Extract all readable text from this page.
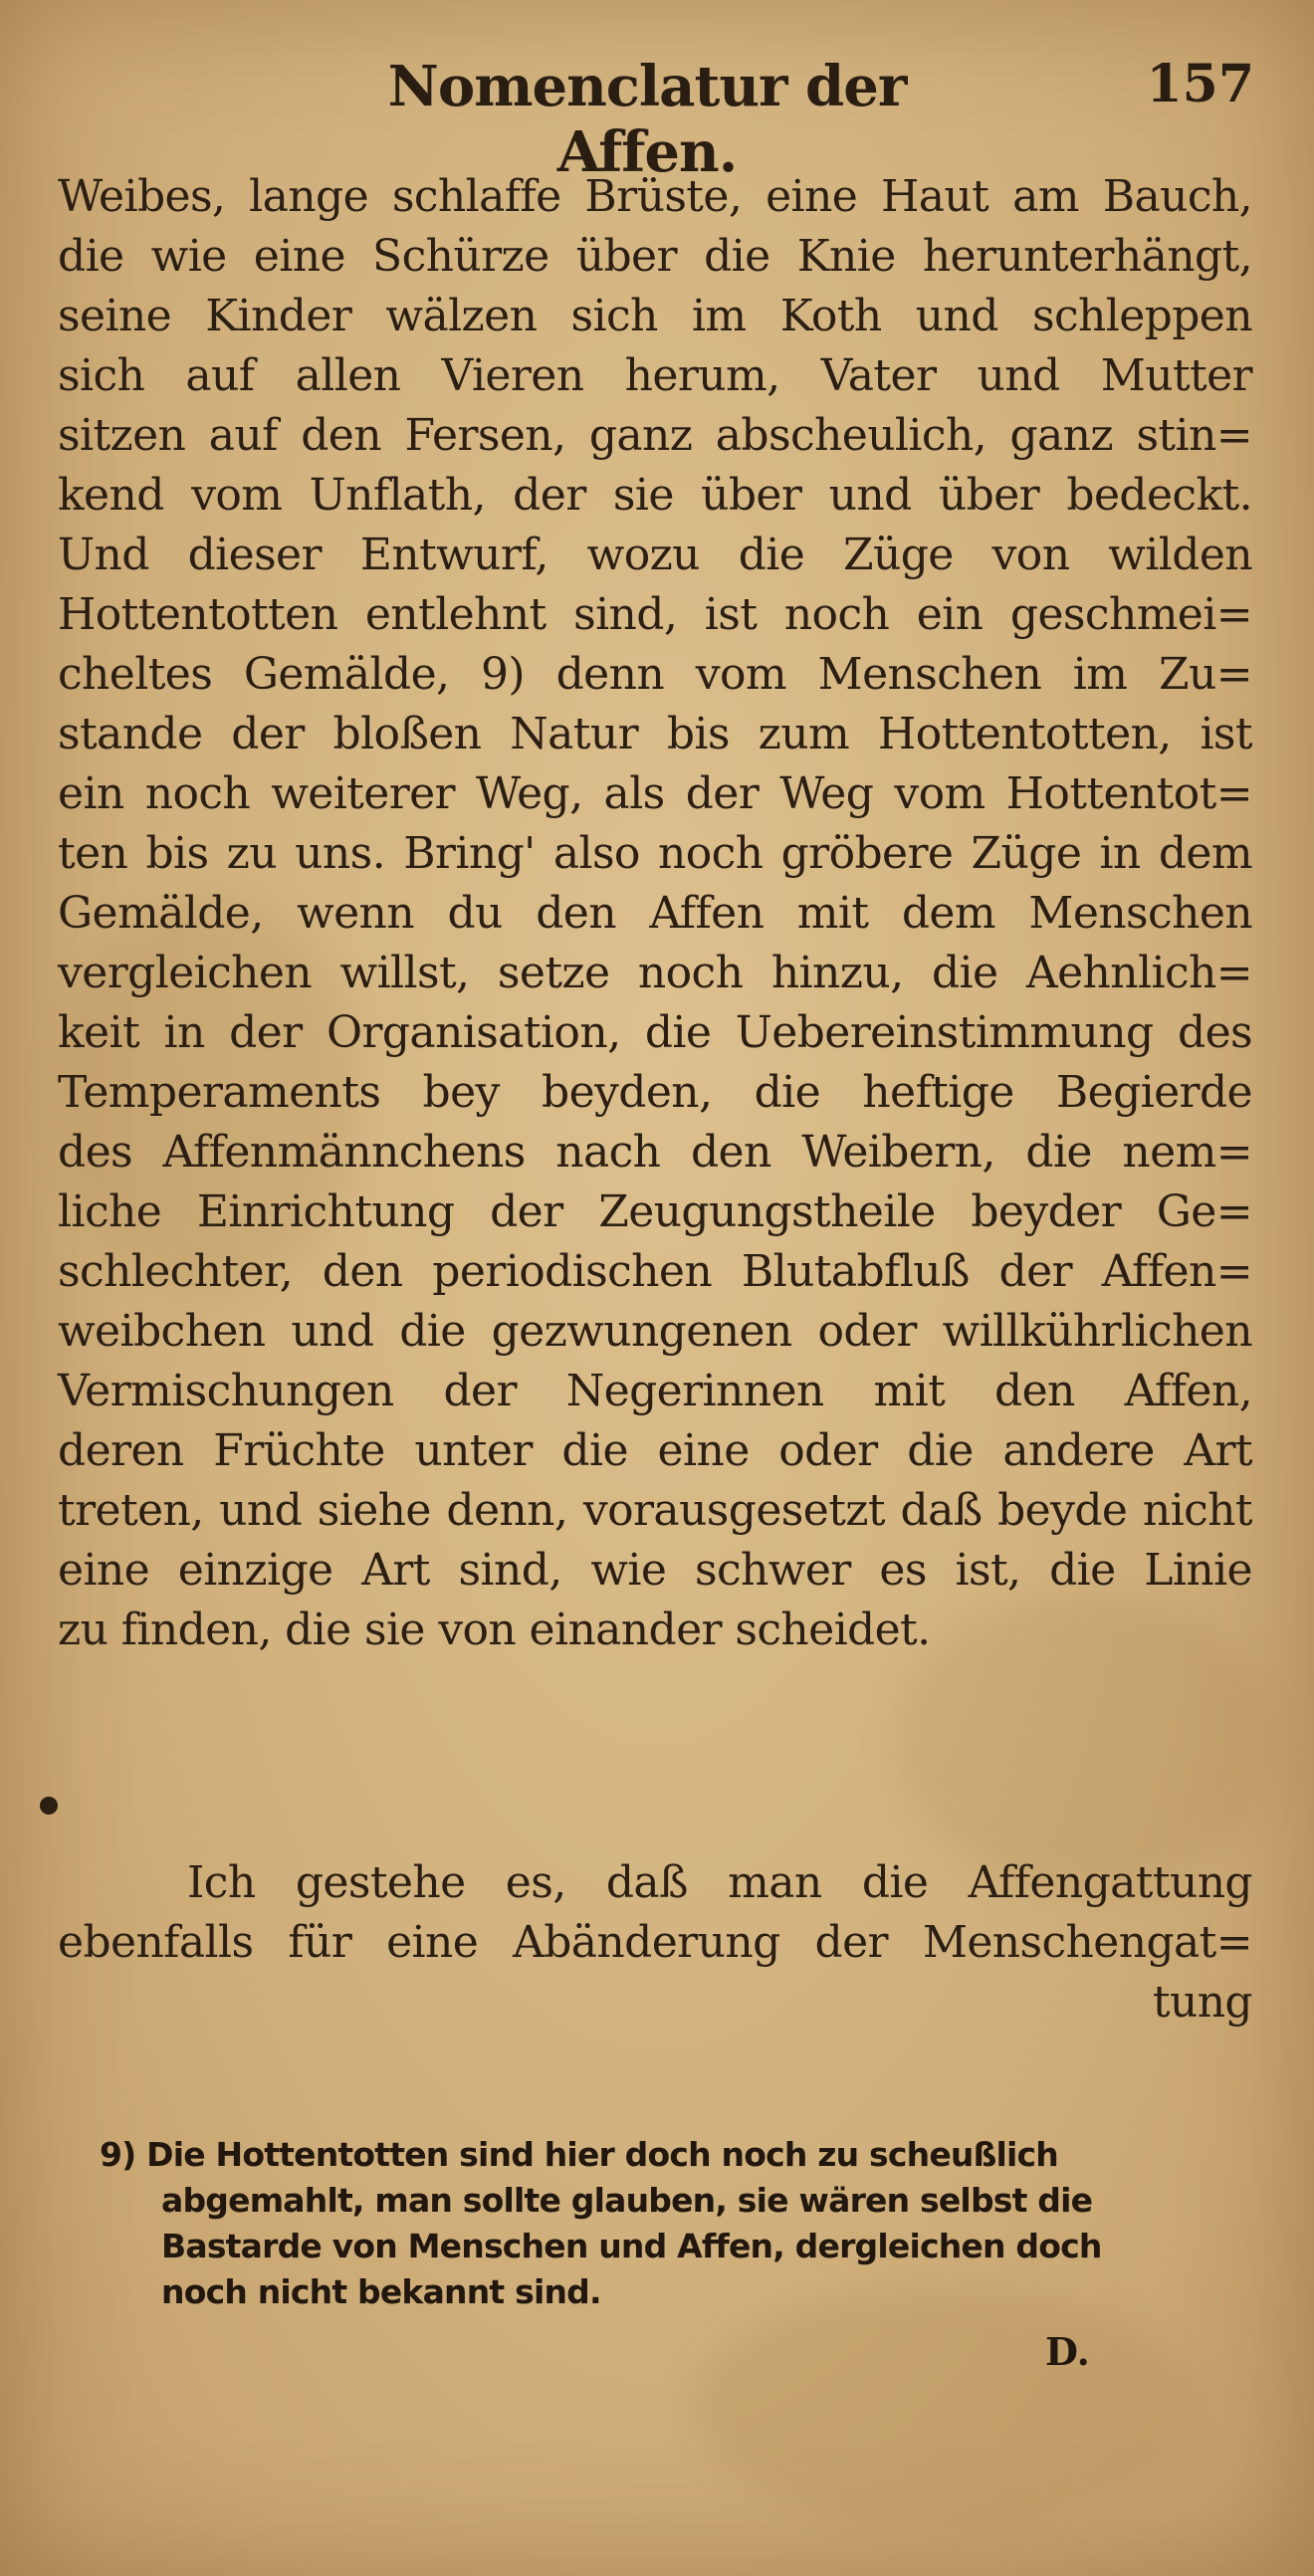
Nomenclatur der Affen.
157
Weibes, lange schlaffe Brüste, eine Haut am Bauch,
die wie eine Schürze über die Knie herunterhängt,
seine Kinder wälzen sich im Koth und schleppen
sich auf allen Vieren herum, Vater und Mutter
sitzen auf den Fersen, ganz abscheulich, ganz stin=
kend vom Unflath, der sie über und über bedeckt.
Und dieser Entwurf, wozu die Züge von wilden
Hottentotten entlehnt sind, ist noch ein geschmei=
cheltes Gemälde, 9) denn vom Menschen im Zu=
stande der bloßen Natur bis zum Hottentotten, ist
ein noch weiterer Weg, als der Weg vom Hottentot=
ten bis zu uns. Bring' also noch gröbere Züge in dem
Gemälde, wenn du den Affen mit dem Menschen
vergleichen willst, setze noch hinzu, die Aehnlich=
keit in der Organisation, die Uebereinstimmung des
Temperaments bey beyden, die heftige Begierde
des Affenmännchens nach den Weibern, die nem=
liche Einrichtung der Zeugungstheile beyder Ge=
schlechter, den periodischen Blutabfluß der Affen=
weibchen und die gezwungenen oder willkührlichen
Vermischungen der Negerinnen mit den Affen,
deren Früchte unter die eine oder die andere Art
treten, und siehe denn, vorausgesetzt daß beyde nicht
eine einzige Art sind, wie schwer es ist, die Linie
zu finden, die sie von einander scheidet.
Ich gestehe es, daß man die Affengattung
ebenfalls für eine Abänderung der Menschengat=
tung
9) Die Hottentotten sind hier doch noch zu scheußlich
abgemahlt, man sollte glauben, sie wären selbst die
Bastarde von Menschen und Affen, dergleichen doch
noch nicht bekannt sind.
D.
